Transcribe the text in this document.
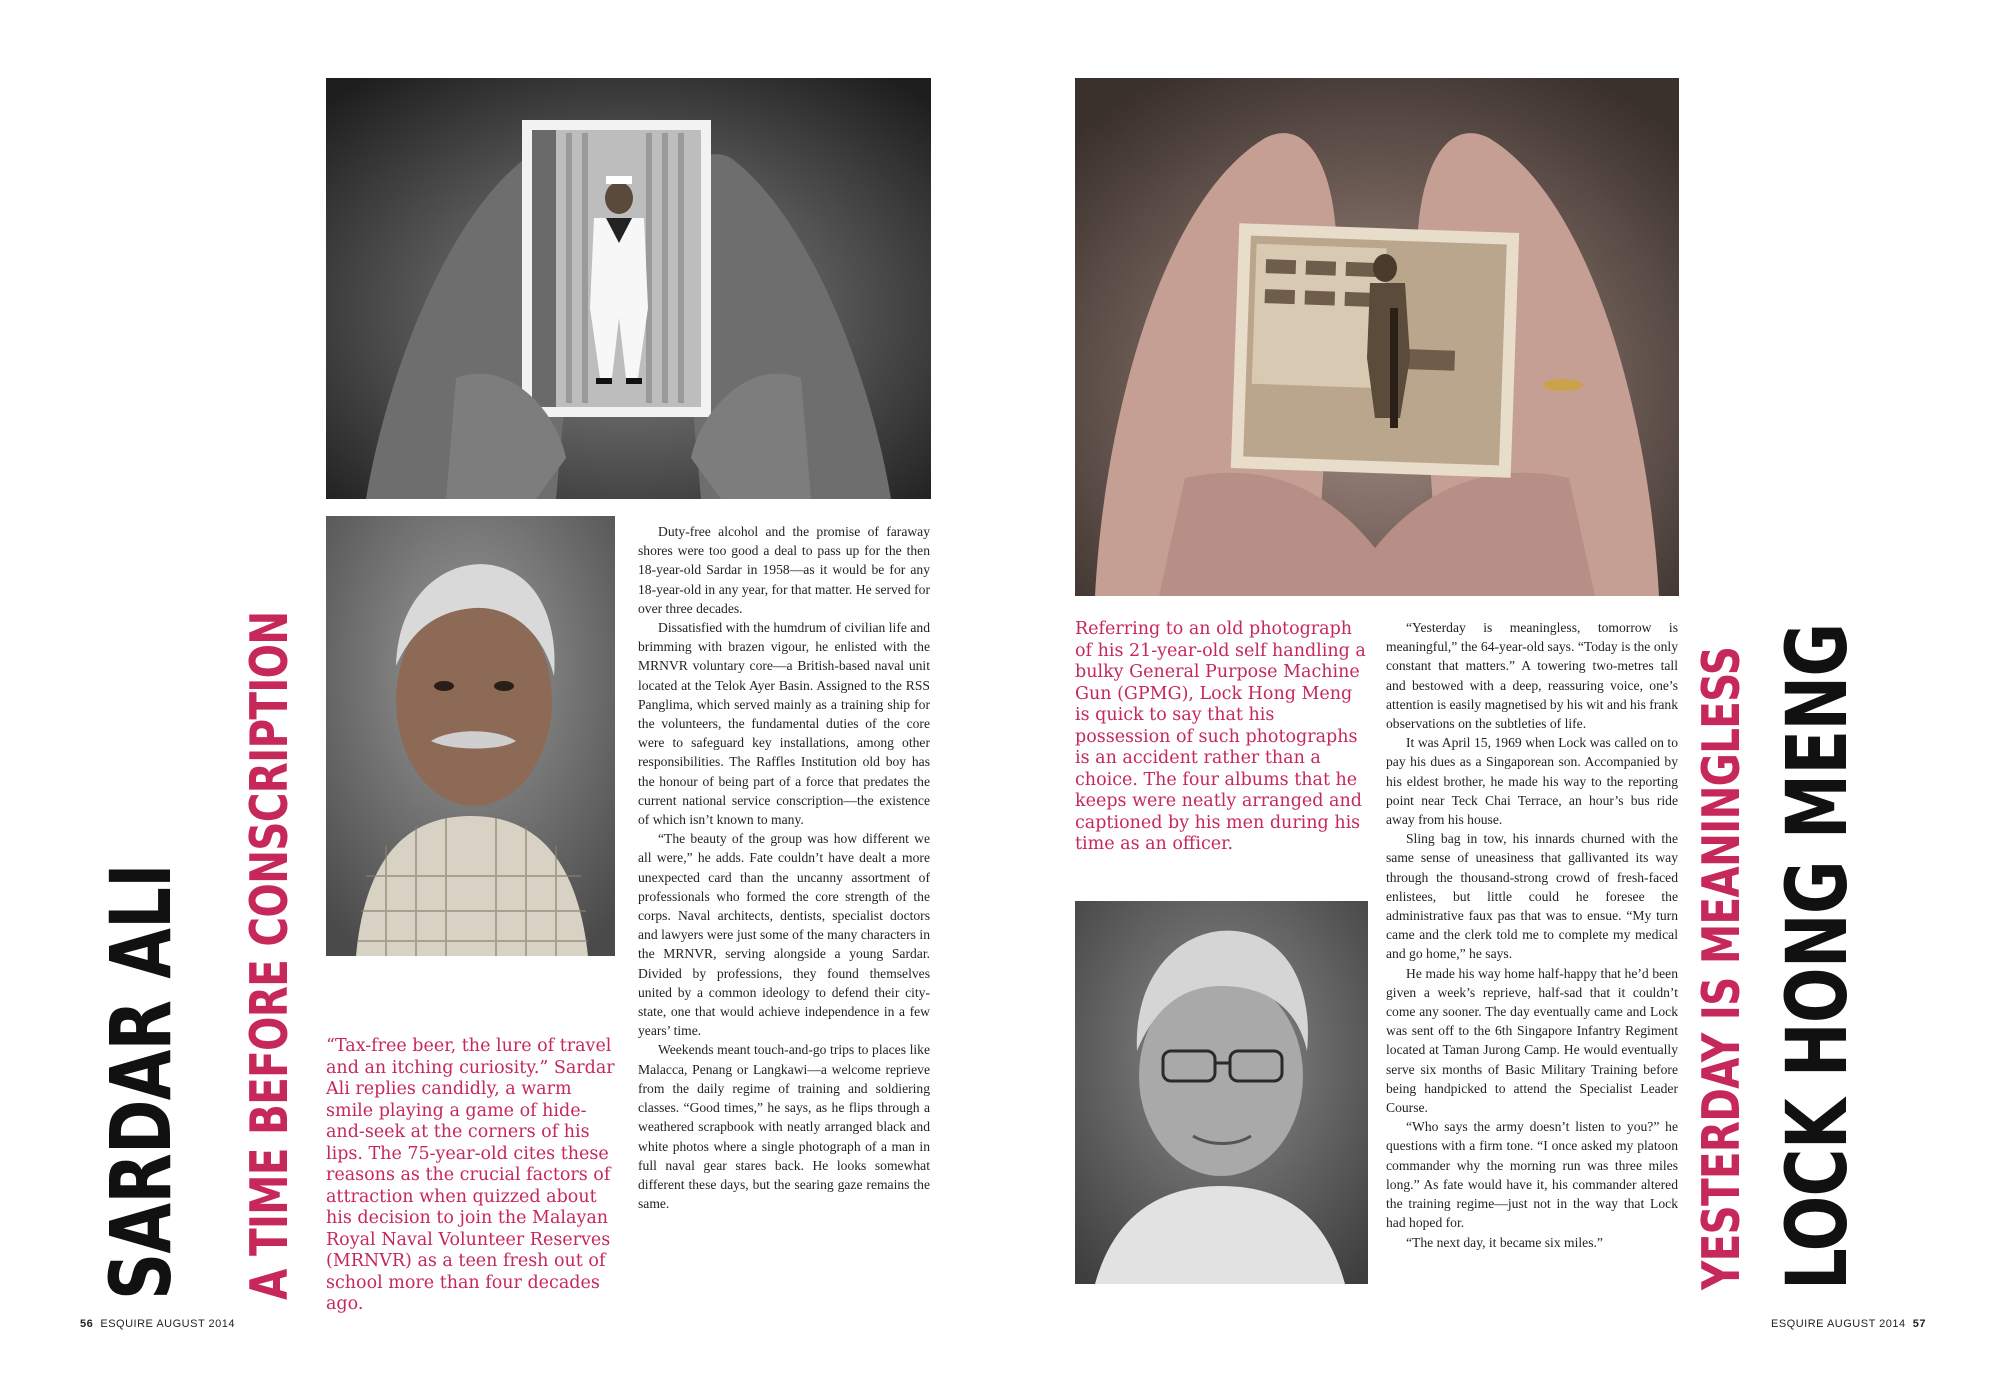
SARDAR ALI A TIME BEFORE CONSCRIPTION “Tax-free beer, the lure of travel and an itching curiosity.” Sardar Ali replies candidly, a warm smile playing a game of hide-and-seek at the corners of his lips. The 75-year-old cites these reasons as the crucial factors of attraction when quizzed about his decision to join the Malayan Royal Naval Volunteer Reserves (MRNVR) as a teen fresh out of school more than four decades ago.

Duty-free alcohol and the promise of faraway shores were too good a deal to pass up for the then 18-year-old Sardar in 1958—as it would be for any 18-year-old in any year, for that matter. He served for over three decades.

Dissatisfied with the humdrum of civilian life and brimming with brazen vigour, he enlisted with the MRNVR voluntary core—a British-based naval unit located at the Telok Ayer Basin. Assigned to the RSS Panglima, which served mainly as a training ship for the volunteers, the fundamental duties of the core were to safeguard key installations, among other responsibilities. The Raffles Institution old boy has the honour of being part of a force that predates the current national service conscription—the existence of which isn’t known to many.

“The beauty of the group was how different we all were,” he adds. Fate couldn’t have dealt a more unexpected card than the uncanny assortment of professionals who formed the core strength of the corps. Naval architects, dentists, specialist doctors and lawyers were just some of the many characters in the MRNVR, serving alongside a young Sardar. Divided by professions, they found themselves united by a common ideology to defend their city-state, one that would achieve independence in a few years’ time.

Weekends meant touch-and-go trips to places like Malacca, Penang or Langkawi—a welcome reprieve from the daily regime of training and soldiering classes. “Good times,” he says, as he flips through a weathered scrapbook with neatly arranged black and white photos where a single photograph of a man in full naval gear stares back. He looks somewhat different these days, but the searing gaze remains the same.

56 ESQUIRE AUGUST 2014

Referring to an old photograph of his 21-year-old self handling a bulky General Purpose Machine Gun (GPMG), Lock Hong Meng is quick to say that his possession of such photographs is an accident rather than a choice. The four albums that he keeps were neatly arranged and captioned by his men during his time as an officer.

“Yesterday is meaningless, tomorrow is meaningful,” the 64-year-old says. “Today is the only constant that matters.” A towering two-metres tall and bestowed with a deep, reassuring voice, one’s attention is easily magnetised by his wit and his frank observations on the subtleties of life.

It was April 15, 1969 when Lock was called on to pay his dues as a Singaporean son. Accompanied by his eldest brother, he made his way to the reporting point near Teck Chai Terrace, an hour’s bus ride away from his house.

Sling bag in tow, his innards churned with the same sense of uneasiness that gallivanted its way through the thousand-strong crowd of fresh-faced enlistees, but little could he foresee the administrative faux pas that was to ensue. “My turn came and the clerk told me to complete my medical and go home,” he says.

He made his way home half-happy that he’d been given a week’s reprieve, half-sad that it couldn’t come any sooner. The day eventually came and Lock was sent off to the 6th Singapore Infantry Regiment located at Taman Jurong Camp. He would eventually serve six months of Basic Military Training before being handpicked to attend the Specialist Leader Course.

“Who says the army doesn’t listen to you?” he questions with a firm tone. “I once asked my platoon commander why the morning run was three miles long.” As fate would have it, his commander altered the training regime—just not in the way that Lock had hoped for.

“The next day, it became six miles.”	YESTERDAY IS MEANINGLESS LOCK HONG MENG
ESQUIRE AUGUST 2014 57
